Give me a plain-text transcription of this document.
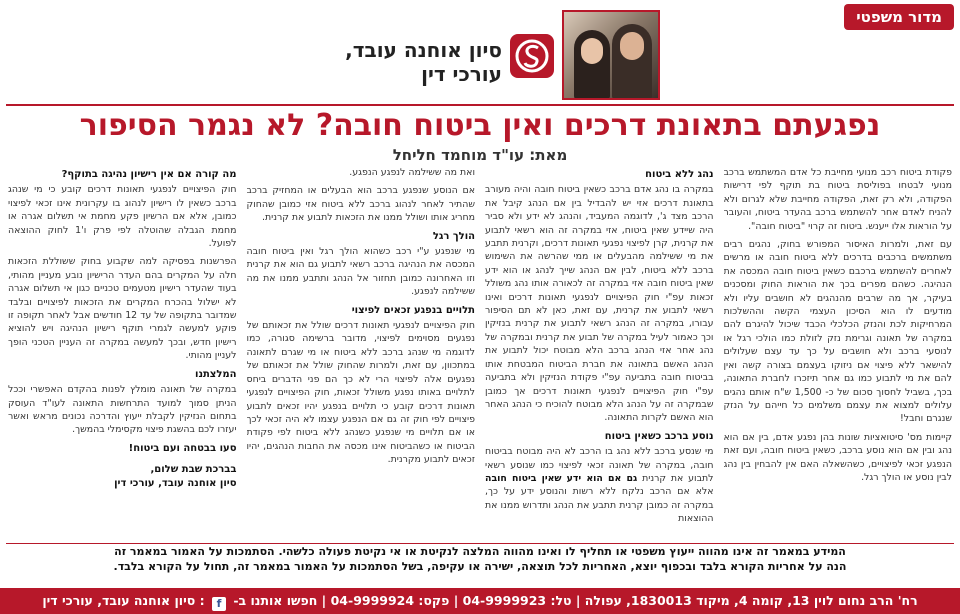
מדור משפטי
סיון אוחנה עובד, עורכי דין
נפגעתם בתאונת דרכים ואין ביטוח חובה? לא נגמר הסיפור
מאת: עו"ד מוחמד חליחל

פקודת ביטוח רכב מנועי מחייבת כל אדם המשתמש ברכב מנועי לבטחו בפוליסת ביטוח בת תוקף לפי דרישות הפקודה, ולא רק זאת, הפקודה מחייבת שלא לגרום ולא להניח לאדם אחר להשתמש ברכב בהעדר ביטוח, והעובר על הוראות אלו ייענש. ביטוח זה קרוי "ביטוח חובה".

עם זאת, ולמרות האיסור המפורש בחוק, נהגים רבים משתמשים ברכבים בדרכים ללא ביטוח חובה או מרשים לאחרים להשתמש ברכבם כשאין ביטוח חובה המכסה את הנהיגה. כשהם מפרים בכך את הוראות החוק ומסכנים בעיקר, אך מה שרבים מהנהגים לא חושבים עליו ולא מודעים לו הוא הסיכון העצמי הקשה וההשלכות המרחיקות לכת והנזק הכלכלי הכבד שיכול להיגרם להם במקרה של תאונה וגרימת נזק לזולת כמו הולכי רגל או לנוסעי ברכב ולא חושבים על כך עד עצם שעלולים להישאר ללא פיצוי אם ניזוקו בעצמם בצורה קשה ואין להם את מי לתבוע כמו גם אחר תיזכרו לחברת התאונה, בכך, בשביל לחסוך סכום של כ- 1,500 ש"ח אותם נהגים עלולים למצוא את עצמם משלמים כל חייהם על הנזק שנגרם וחבל!

קיימות מס' סיטואציות שונות בהן נפגע אדם, בין אם הוא נהג ובין אם הוא נוסע ברכב, כשאין ביטוח חובה, ועם זאת הנפגע זכאי לפיצויים, כשהשאלה האם אין להבחין בין נהג לבין נוסע או הולך רגל.

נהג ללא ביטוח

במקרה בו נהג אדם ברכב כשאין ביטוח חובה והיה מעורב בתאונת דרכים אזי יש להבדיל בין אם הנהג קיבל את הרכב מצד ג', לדוגמה המעביד, והנהג לא ידע ולא סביר היה שיידע שאין ביטוח, אזי במקרה זה הוא רשאי לתבוע את קרנית, קרן לפיצוי נפגעי תאונות דרכים, וקרנית תתבע את מי ששילמה מהבעלים או ממי שהרשה את השימוש ברכב ללא ביטוח, לבין אם הנהג שייך לנהג או הוא ידע שאין ביטוח חובה אזי במקרה זה לכאורה אותו נהג משולל זכאות עפ"י חוק הפיצויים לנפגעי תאונות דרכים ואינו רשאי לתבוע את קרנית, עם זאת, כאן לא תם הסיפור עבורו, במקרה זה הנהג רשאי לתבוע את קרנית בנזיקין וכך כאמור לעיל במקרה של תבוע את קרנית ובמקרה של נהג אחר אזי הנהג ברכב הלא מבוטח יכול לתבוע את הנהג האשם בתאונה את חברת הביטוח המבטחת אותו בביטוח חובה בתביעה עפ"י פקודת הנזיקין ולא בתביעה עפ"י חוק הפיצויים לנפגעי תאונות דרכים אך כמובן שבמקרה זה על הנהג הלא מבוטח להוכיח כי הנהג האחר הוא האשם לקרות התאונה.

נוסע ברכב כשאין ביטוח

מי שנסע ברכב ללא נהג בו הרכב לא היה מבוטח בביטוח חובה, במקרה של תאונה זכאי לפיצוי כמו שנוסע רשאי לתבוע את קרנית גם אם הוא ידע שאין ביטוח חובה אלא אם הרכב נלקח ללא רשות והנוסע ידע על כך, במקרה זה כמובן קרנית תתבע את הנהג ותדרוש ממנו את ההוצאות

ואת מה ששילמה לנפגע הנפגע.

אם הנוסע שנפגע ברכב הוא הבעלים או המחזיק ברכב שהתיר לאחר לנהוג ברכב ללא ביטוח אזי כמובן שהחוק מחריג אותו ושולל ממנו את הזכאות לתבוע את קרנית.

הולך רגל

מי שנפגע ע"י רכב כשהוא הולך רגל ואין ביטוח חובה המכסה את הנהיגה ברכב רשאי לתבוע גם הוא את קרנית וזו האחרונה כמובן תחזור אל הנהג ותתבע ממנו את מה ששילמה לנפגע.

תלויים בנפגע זכאים לפיצוי

חוק הפיצויים לנפגעי תאונות דרכים שולל את זכאותם של נפגעים מסוימים לפיצוי, מדובר ברשימה סגורה, כמו לדוגמה מי שנהג ברכב ללא ביטוח או מי שגרם לתאונה במתכוון, עם זאת, ולמרות שהחוק שולל את זכאותם של נפגעים אלה לפיצוי הרי לא כך הם פני הדברים ביחס לתלויים באותו נפגע משולל זכאות, חוק הפיצויים לנפגעי תאונות דרכים קובע כי תלויים בנפגע יהיו זכאים לתבוע פיצויים לפי חוק זה גם אם הנפגע עצמו לא היה זכאי לכך או אם תלויים מי שנפגע כשנהג ללא ביטוח לפי פקודת הביטוח או כשהביטוח אינו מכסה את החבות הנהגים, יהיו זכאים לתבוע מקרנית.

מה קורה אם אין רישיון נהיגה בתוקף?

חוק הפיצויים לנפגעי תאונות דרכים קובע כי מי שנהג ברכב כשאין לו רישיון לנהוג בו עקרונית אינו זכאי לפיצוי כמובן, אלא אם הרשיון פקע מחמת אי תשלום אגרה או מחמת הגבלה שהוטלה לפי פרק ו'1 לחוק ההוצאה לפועל.

הפרשנות בפסיקה למה שקבוע בחוק ששוללת הזכאות חלה על המקרים בהם העדר הרישיון נובע מעניין מהותי, בעוד שהעדר רישיון מטעמים טכניים כגון אי תשלום אגרה לא ישלול בהכרח המקרים את הזכאות לפיצויים ובלבד שמדובר בתקופה של עד 12 חודשים אבל לאחר תקופה זו פוקע למעשה לגמרי תוקף רישיון הנהיגה ויש להוציא רישיון חדש, ובכך למעשה במקרה זה העניין הטכני הופך לעניין מהותי.

המלצתנו

במקרה של תאונה מומלץ לפנות בהקדם האפשרי וככל הניתן סמוך למועד התרחשות התאונה לעו"ד העוסק בתחום הנזיקין לקבלת ייעוץ והדרכה נכונים מראש ואשר יעזרו לכם בהשגת פיצוי מקסימלי בהמשך.

סעו בבטחה ועם ביטוח!
בברכת שבת שלום,
סיון אוחנה עובד, עורכי דין
המידע במאמר זה אינו מהווה ייעוץ משפטי או תחליף לו ואינו מהווה המלצה לנקיטת או אי נקיטת פעולה כלשהי. הסתמכות על האמור במאמר זה
הנה על אחריות הקורא בלבד ובכפוף יוצא, האחריות לכל תוצאה, ישירה או עקיפה, בשל הסתמכות על האמור במאמר זה, תחול על הקורא בלבד.
רח' הרב נחום לוין 13, קומה 4, מיקוד 1830013, עפולה | טל: 04-9999923 | פקס: 04-9999924 | חפשו אותנו ב- f : סיון אוחנה עובד, עורכי דין
